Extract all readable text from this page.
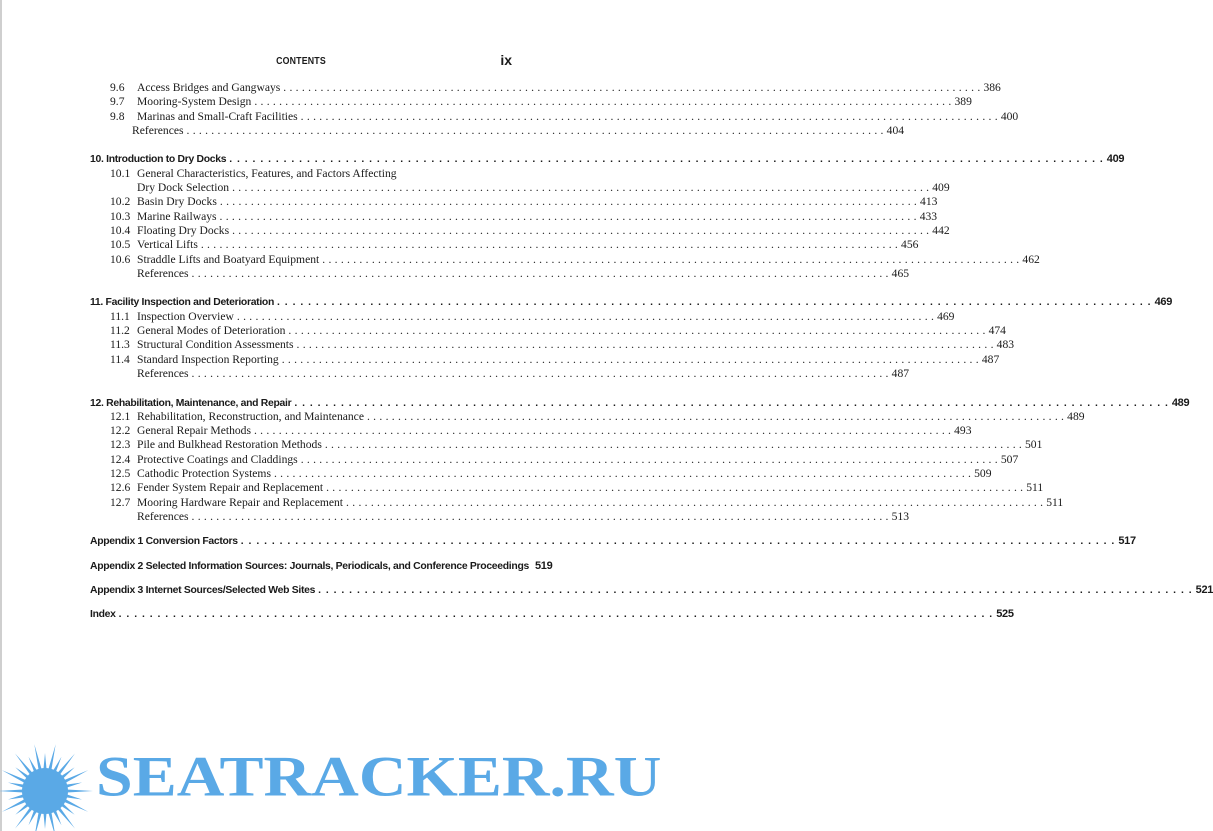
CONTENTS	ix
9.6	Access Bridges and Gangways . . .	386
9.7	Mooring-System Design . . .	389
9.8	Marinas and Small-Craft Facilities . . .	400
References . . .	404
10. Introduction to Dry Docks . . .	409
10.1 General Characteristics, Features, and Factors Affecting
Dry Dock Selection . . .	409
10.2 Basin Dry Docks . . .	413
10.3 Marine Railways . . .	433
10.4 Floating Dry Docks . . .	442
10.5 Vertical Lifts . . .	456
10.6 Straddle Lifts and Boatyard Equipment . . .	462
References . . .	465
11. Facility Inspection and Deterioration . . .	469
11.1 Inspection Overview . . .	469
11.2 General Modes of Deterioration . . .	474
11.3 Structural Condition Assessments . . .	483
11.4 Standard Inspection Reporting . . .	487
References . . .	487
12. Rehabilitation, Maintenance, and Repair . . .	489
12.1 Rehabilitation, Reconstruction, and Maintenance . . .	489
12.2 General Repair Methods . . .	493
12.3 Pile and Bulkhead Restoration Methods . . .	501
12.4 Protective Coatings and Claddings . . .	507
12.5 Cathodic Protection Systems . . .	509
12.6 Fender System Repair and Replacement . . .	511
12.7 Mooring Hardware Repair and Replacement . . .	511
References . . .	513
Appendix 1 Conversion Factors . . .	517
Appendix 2 Selected Information Sources: Journals, Periodicals, and Conference Proceedings 519
Appendix 3 Internet Sources/Selected Web Sites . . .	521
Index . . .	525
SEATRACKER.RU
